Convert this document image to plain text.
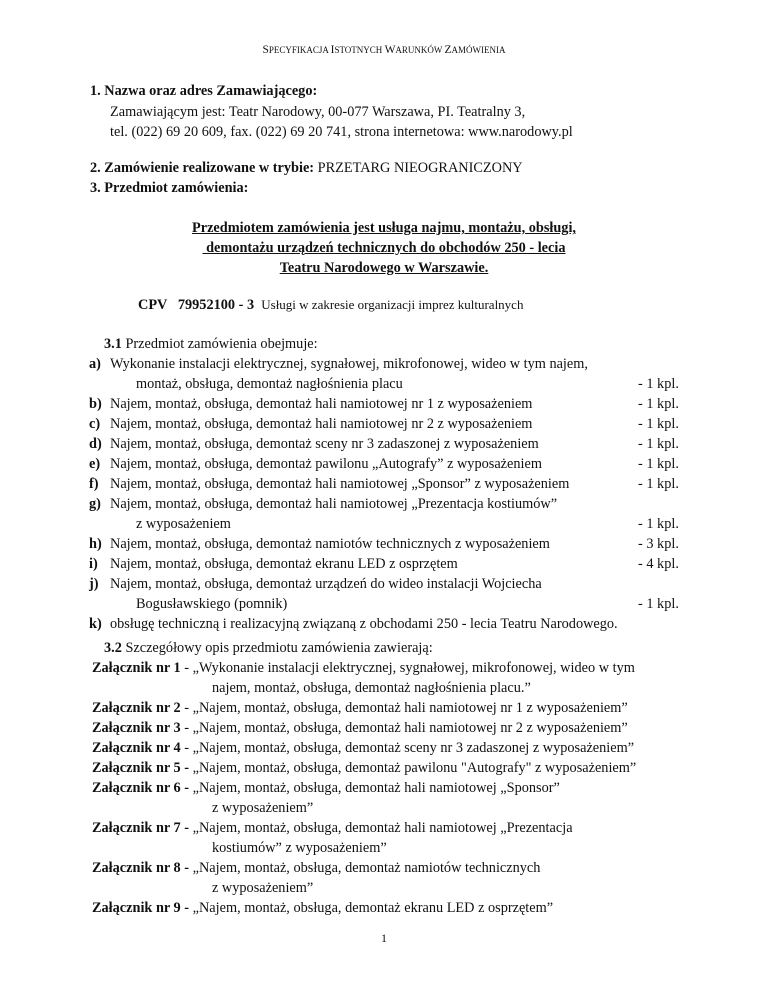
SPECYFIKACJA ISTOTNYCH WARUNKÓW ZAMÓWIENIA
1. Nazwa oraz adres Zamawiającego:
Zamawiającym jest: Teatr Narodowy, 00-077 Warszawa, PI. Teatralny 3,
tel. (022) 69 20 609, fax. (022) 69 20 741, strona internetowa: www.narodowy.pl
2. Zamówienie realizowane w trybie: PRZETARG NIEOGRANICZONY
3. Przedmiot zamówienia:
Przedmiotem zamówienia jest usługa najmu, montażu, obsługi,
demontażu urządzeń technicznych do obchodów 250 - lecia
Teatru Narodowego w Warszawie.
CPV   79952100 - 3 Usługi w zakresie organizacji imprez kulturalnych
3.1 Przedmiot zamówienia obejmuje:
a) Wykonanie instalacji elektrycznej, sygnałowej, mikrofonowej, wideo w tym najem,
montaż, obsługa, demontaż nagłośnienia placu	- 1 kpl.
b) Najem, montaż, obsługa, demontaż hali namiotowej nr 1 z wyposażeniem	- 1 kpl.
c) Najem, montaż, obsługa, demontaż hali namiotowej nr 2 z wyposażeniem	- 1 kpl.
d) Najem, montaż, obsługa, demontaż sceny nr 3 zadaszonej z wyposażeniem	- 1 kpl.
e) Najem, montaż, obsługa, demontaż pawilonu „Autografy” z wyposażeniem	- 1 kpl.
f) Najem, montaż, obsługa, demontaż hali namiotowej „Sponsor” z wyposażeniem	- 1 kpl.
g) Najem, montaż, obsługa, demontaż hali namiotowej „Prezentacja kostiumów”
z wyposażeniem	- 1 kpl.
h) Najem, montaż, obsługa, demontaż namiotów technicznych z wyposażeniem	- 3 kpl.
i) Najem, montaż, obsługa, demontaż ekranu LED z osprzętem	- 4 kpl.
j) Najem, montaż, obsługa, demontaż urządzeń do wideo instalacji Wojciecha
Bogusławskiego (pomnik)	- 1 kpl.
k) obsługę techniczną i realizacyjną związaną z obchodami 250 - lecia Teatru Narodowego.
3.2 Szczegółowy opis przedmiotu zamówienia zawierają:
Załącznik nr 1 - „Wykonanie instalacji elektrycznej, sygnałowej, mikrofonowej, wideo w tym
najem, montaż, obsługa, demontaż nagłośnienia placu.”
Załącznik nr 2 - „Najem, montaż, obsługa, demontaż hali namiotowej nr 1 z wyposażeniem”
Załącznik nr 3 - „Najem, montaż, obsługa, demontaż hali namiotowej nr 2 z wyposażeniem”
Załącznik nr 4 - „Najem, montaż, obsługa, demontaż sceny nr 3 zadaszonej z wyposażeniem”
Załącznik nr 5 - „Najem, montaż, obsługa, demontaż pawilonu "Autografy" z wyposażeniem”
Załącznik nr 6 - „Najem, montaż, obsługa, demontaż hali namiotowej „Sponsor”
z wyposażeniem”
Załącznik nr 7 - „Najem, montaż, obsługa, demontaż hali namiotowej „Prezentacja
kostiumów” z wyposażeniem”
Załącznik nr 8 - „Najem, montaż, obsługa, demontaż namiotów technicznych
z wyposażeniem”
Załącznik nr 9 - „Najem, montaż, obsługa, demontaż ekranu LED z osprzętem”
1
